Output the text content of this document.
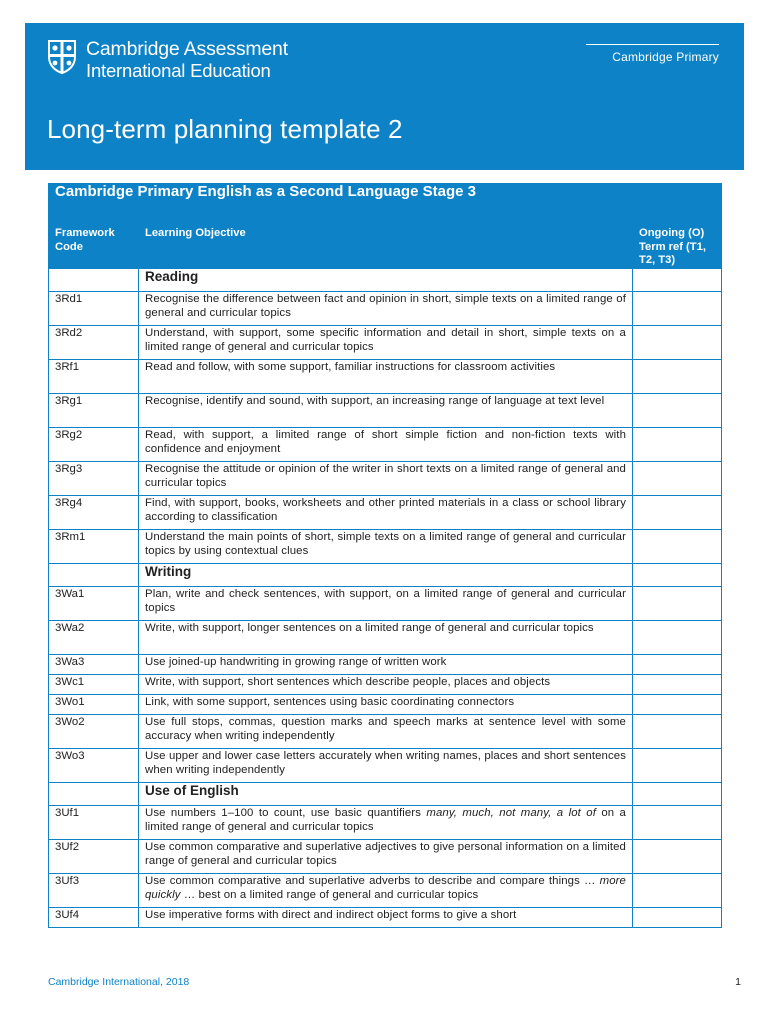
Cambridge Assessment
International Education
Cambridge Primary
Long-term planning template 2
Cambridge Primary English as a Second Language Stage 3		
Framework Code	Learning Objective	Ongoing (O) Term ref (T1, T2, T3)
	Reading	
3Rd1	Recognise the difference between fact and opinion in short, simple texts on a limited range of general and curricular topics	
3Rd2	Understand, with support, some specific information and detail in short, simple texts on a limited range of general and curricular topics	
3Rf1	Read and follow, with some support, familiar instructions for classroom activities	
3Rg1	Recognise, identify and sound, with support, an increasing range of language at text level	
3Rg2	Read, with support, a limited range of short simple fiction and non-fiction texts with confidence and enjoyment	
3Rg3	Recognise the attitude or opinion of the writer in short texts on a limited range of general and curricular topics	
3Rg4	Find, with support, books, worksheets and other printed materials in a class or school library according to classification	
3Rm1	Understand the main points of short, simple texts on a limited range of general and curricular topics by using contextual clues	
	Writing	
3Wa1	Plan, write and check sentences, with support, on a limited range of general and curricular topics	
3Wa2	Write, with support, longer sentences on a limited range of general and curricular topics	
3Wa3	Use joined-up handwriting in growing range of written work	
3Wc1	Write, with support, short sentences which describe people, places and objects	
3Wo1	Link, with some support, sentences using basic coordinating connectors	
3Wo2	Use full stops, commas, question marks and speech marks at sentence level with some accuracy when writing independently	
3Wo3	Use upper and lower case letters accurately when writing names, places and short sentences when writing independently	
	Use of English	
3Uf1	Use numbers 1–100 to count, use basic quantifiers many, much, not many, a lot of on a limited range of general and curricular topics	
3Uf2	Use common comparative and superlative adjectives to give personal information on a limited range of general and curricular topics	
3Uf3	Use common comparative and superlative adverbs to describe and compare things … more quickly … best on a limited range of general and curricular topics	
3Uf4	Use imperative forms with direct and indirect object forms to give a short	
Cambridge International, 2018	1
